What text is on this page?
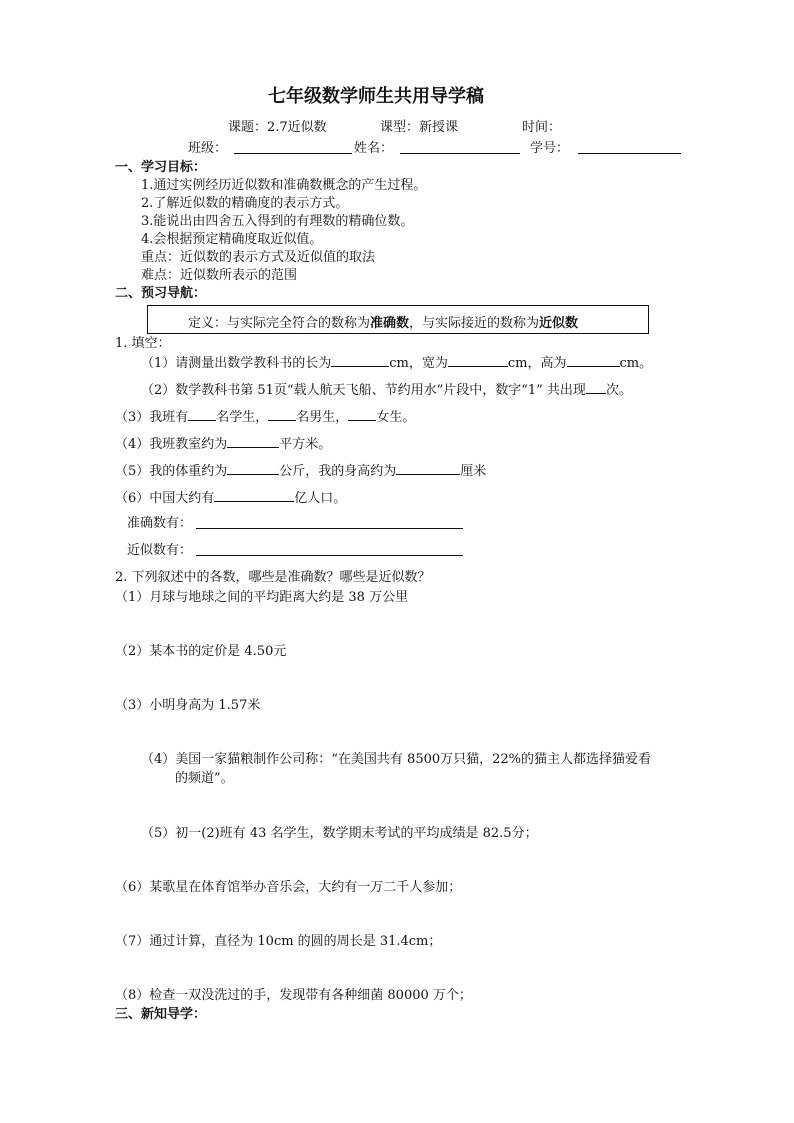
七年级数学师生共用导学稿
课题：2.7近似数	课型：新授课	时间：
班级：	姓名：	学号：
一、学习目标：
1.通过实例经历近似数和准确数概念的产生过程。
2.了解近似数的精确度的表示方式。
3.能说出由四舍五入得到的有理数的精确位数。
4.会根据预定精确度取近似值。
重点：近似数的表示方式及近似值的取法
难点：近似数所表示的范围
二、预习导航：
定义：与实际完全符合的数称为准确数，与实际接近的数称为近似数
1. 填空：
（1）请测量出数学教科书的长为	cm，宽为	cm，高为	cm。
（2）数学教科书第 51页“载人航天飞船、节约用水”片段中，数字“1” 共出现 次。
（3）我班有 名学生， 名男生， 女生。
（4）我班教室约为	平方米。
（5）我的体重约为	公斤，我的身高约为	厘米
（6）中国大约有	亿人口。
准确数有：
近似数有：
2. 下列叙述中的各数，哪些是准确数？哪些是近似数？
（1）月球与地球之间的平均距离大约是 38 万公里
（2）某本书的定价是 4.50元
（3）小明身高为 1.57米
（4）美国一家猫粮制作公司称：“在美国共有 8500万只猫，22%的猫主人都选择猫爱看
的频道”。
（5）初一(2)班有 43 名学生，数学期末考试的平均成绩是 82.5分；
（6）某歌星在体育馆举办音乐会，大约有一万二千人参加；
（7）通过计算，直径为 10cm 的圆的周长是 31.4cm；
（8）检查一双没洗过的手，发现带有各种细菌 80000 万个；
三、新知导学：
